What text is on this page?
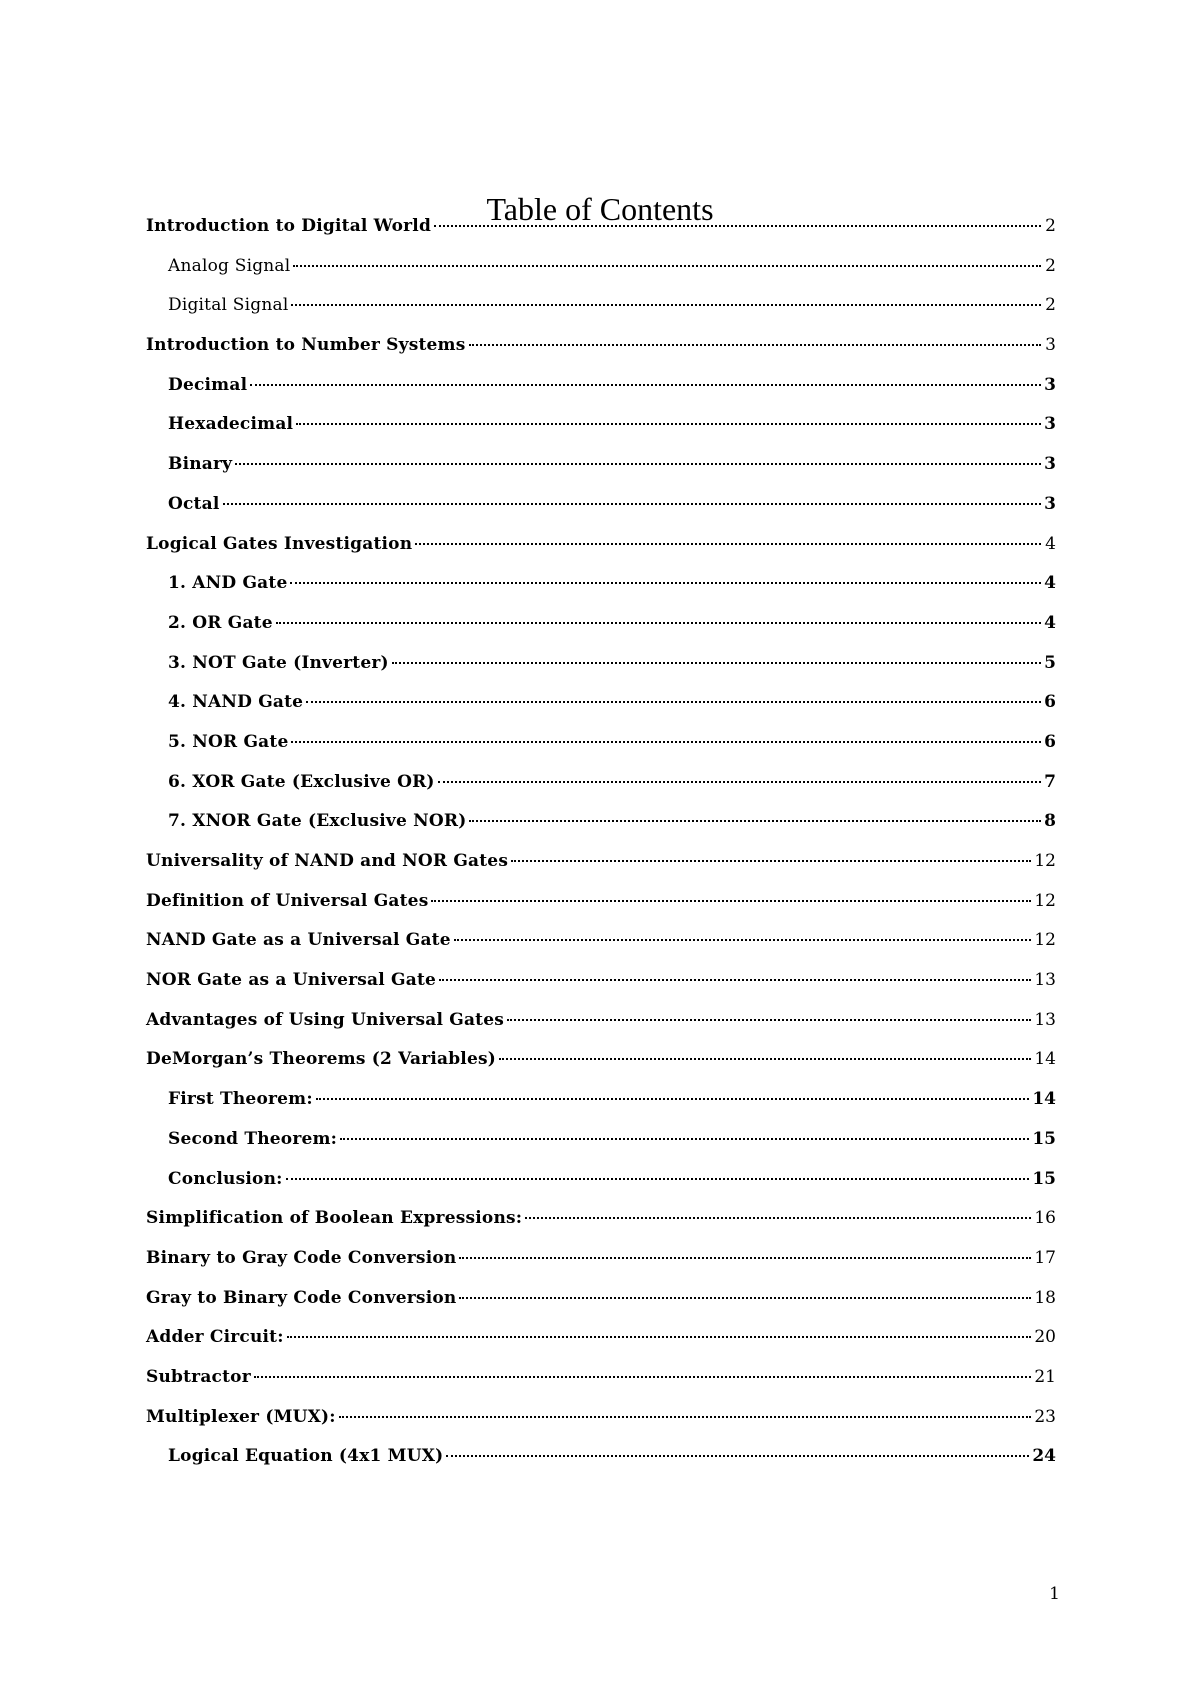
Table of Contents
Introduction to Digital World	2
Analog Signal	2
Digital Signal	2
Introduction to Number Systems	3
Decimal	3
Hexadecimal	3
Binary	3
Octal	3
Logical Gates Investigation	4
1. AND Gate	4
2. OR Gate	4
3. NOT Gate (Inverter)	5
4. NAND Gate	6
5. NOR Gate	6
6. XOR Gate (Exclusive OR)	7
7. XNOR Gate (Exclusive NOR)	8
Universality of NAND and NOR Gates	12
Definition of Universal Gates	12
NAND Gate as a Universal Gate	12
NOR Gate as a Universal Gate	13
Advantages of Using Universal Gates	13
DeMorgan’s Theorems (2 Variables)	14
First Theorem:	14
Second Theorem:	15
Conclusion:	15
Simplification of Boolean Expressions:	16
Binary to Gray Code Conversion	17
Gray to Binary Code Conversion	18
Adder Circuit:	20
Subtractor	21
Multiplexer (MUX):	23
Logical Equation (4x1 MUX)	24
1
